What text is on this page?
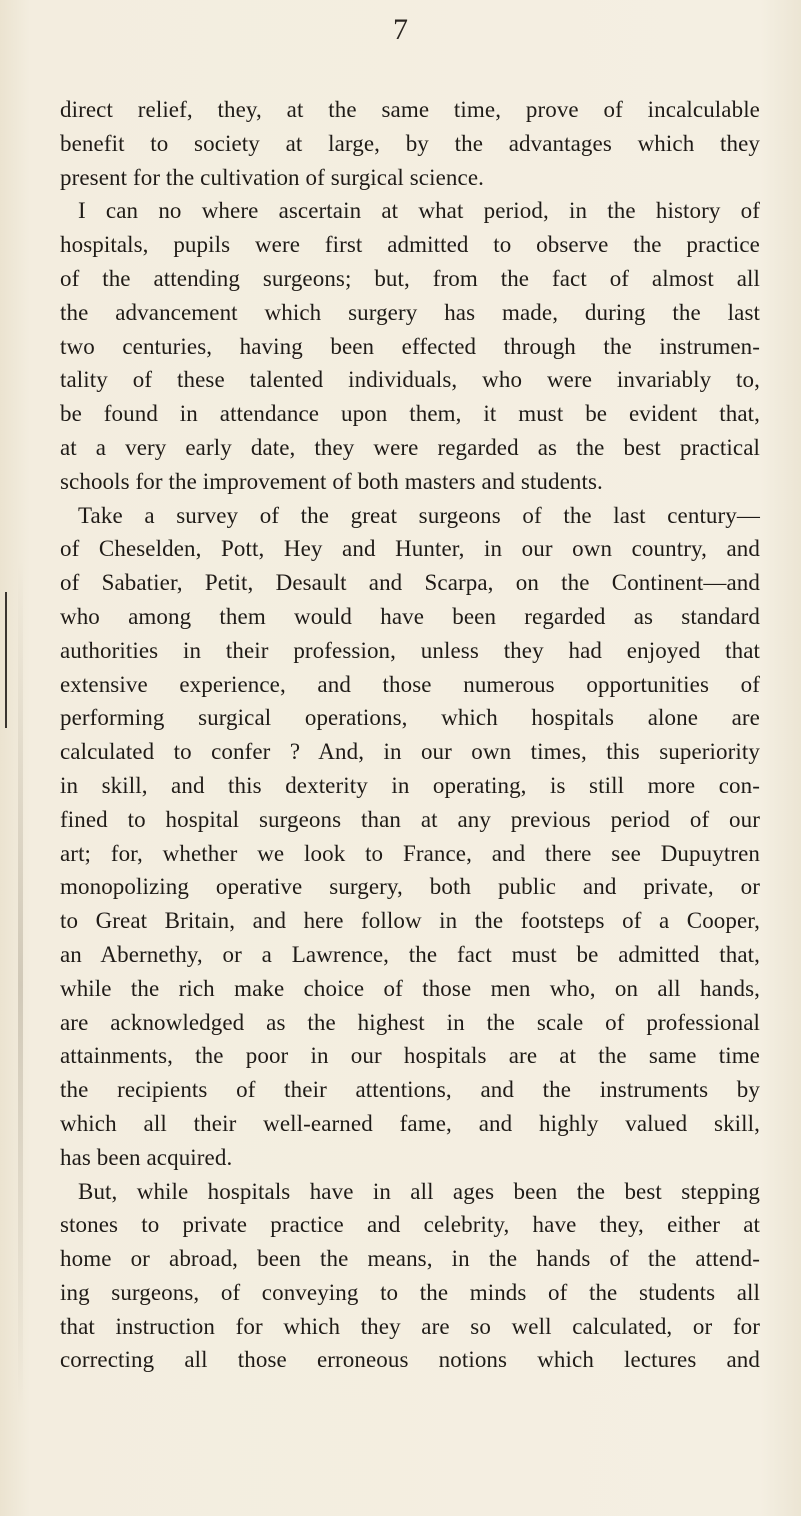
7
direct relief, they, at the same time, prove of incalculable
benefit to society at large, by the advantages which they
present for the cultivation of surgical science.
I can no where ascertain at what period, in the history of
hospitals, pupils were first admitted to observe the practice
of the attending surgeons; but, from the fact of almost all
the advancement which surgery has made, during the last
two centuries, having been effected through the instrumen-
tality of these talented individuals, who were invariably to,
be found in attendance upon them, it must be evident that,
at a very early date, they were regarded as the best practical
schools for the improvement of both masters and students.
Take a survey of the great surgeons of the last century—
of Cheselden, Pott, Hey and Hunter, in our own country, and
of Sabatier, Petit, Desault and Scarpa, on the Continent—and
who among them would have been regarded as standard
authorities in their profession, unless they had enjoyed that
extensive experience, and those numerous opportunities of
performing surgical operations, which hospitals alone are
calculated to confer ? And, in our own times, this superiority
in skill, and this dexterity in operating, is still more con-
fined to hospital surgeons than at any previous period of our
art; for, whether we look to France, and there see Dupuytren
monopolizing operative surgery, both public and private, or
to Great Britain, and here follow in the footsteps of a Cooper,
an Abernethy, or a Lawrence, the fact must be admitted that,
while the rich make choice of those men who, on all hands,
are acknowledged as the highest in the scale of professional
attainments, the poor in our hospitals are at the same time
the recipients of their attentions, and the instruments by
which all their well-earned fame, and highly valued skill,
has been acquired.
But, while hospitals have in all ages been the best stepping
stones to private practice and celebrity, have they, either at
home or abroad, been the means, in the hands of the attend-
ing surgeons, of conveying to the minds of the students all
that instruction for which they are so well calculated, or for
correcting all those erroneous notions which lectures and
